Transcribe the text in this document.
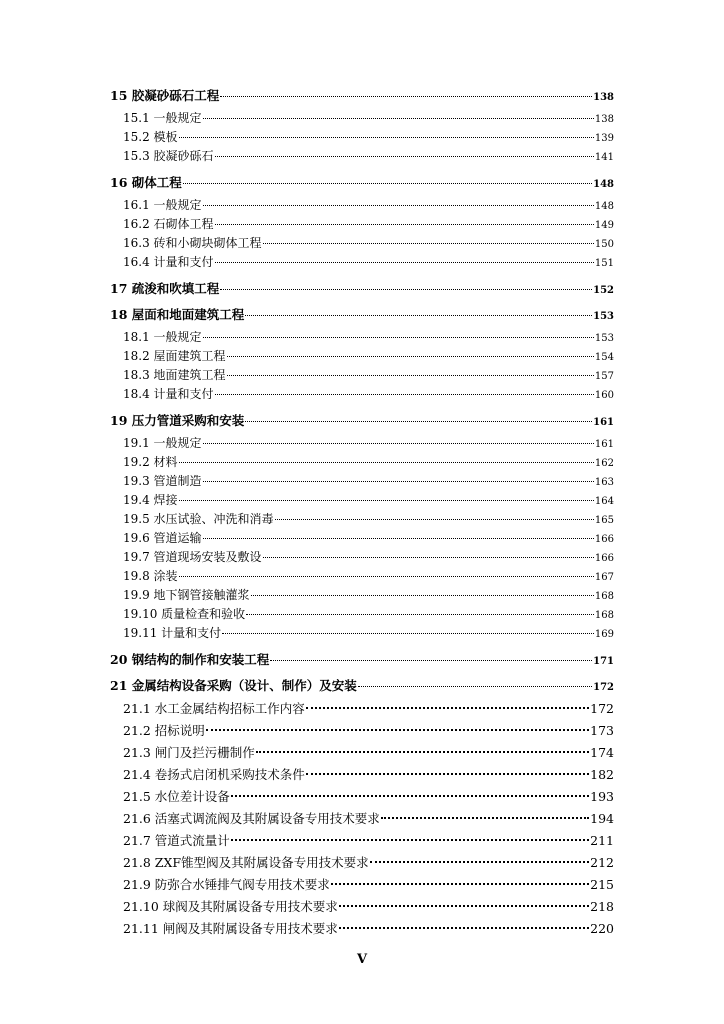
15 胶凝砂砾石工程	138
15.1 一般规定	138
15.2 模板	139
15.3 胶凝砂砾石	141
16 砌体工程	148
16.1 一般规定	148
16.2 石砌体工程	149
16.3 砖和小砌块砌体工程	150
16.4 计量和支付	151
17 疏浚和吹填工程	152
18 屋面和地面建筑工程	153
18.1 一般规定	153
18.2 屋面建筑工程	154
18.3 地面建筑工程	157
18.4 计量和支付	160
19 压力管道采购和安装	161
19.1 一般规定	161
19.2 材料	162
19.3 管道制造	163
19.4 焊接	164
19.5 水压试验、冲洗和消毒	165
19.6 管道运输	166
19.7 管道现场安装及敷设	166
19.8 涂装	167
19.9 地下钢管接触灌浆	168
19.10 质量检查和验收	168
19.11 计量和支付	169
20 钢结构的制作和安装工程	171
21 金属结构设备采购（设计、制作）及安装	172
21.1 水工金属结构招标工作内容	172
21.2 招标说明	173
21.3 闸门及拦污栅制作	174
21.4 卷扬式启闭机采购技术条件	182
21.5 水位差计设备	193
21.6 活塞式调流阀及其附属设备专用技术要求	194
21.7 管道式流量计	211
21.8 ZXF锥型阀及其附属设备专用技术要求	212
21.9 防弥合水锤排气阀专用技术要求	215
21.10 球阀及其附属设备专用技术要求	218
21.11 闸阀及其附属设备专用技术要求	220
V
